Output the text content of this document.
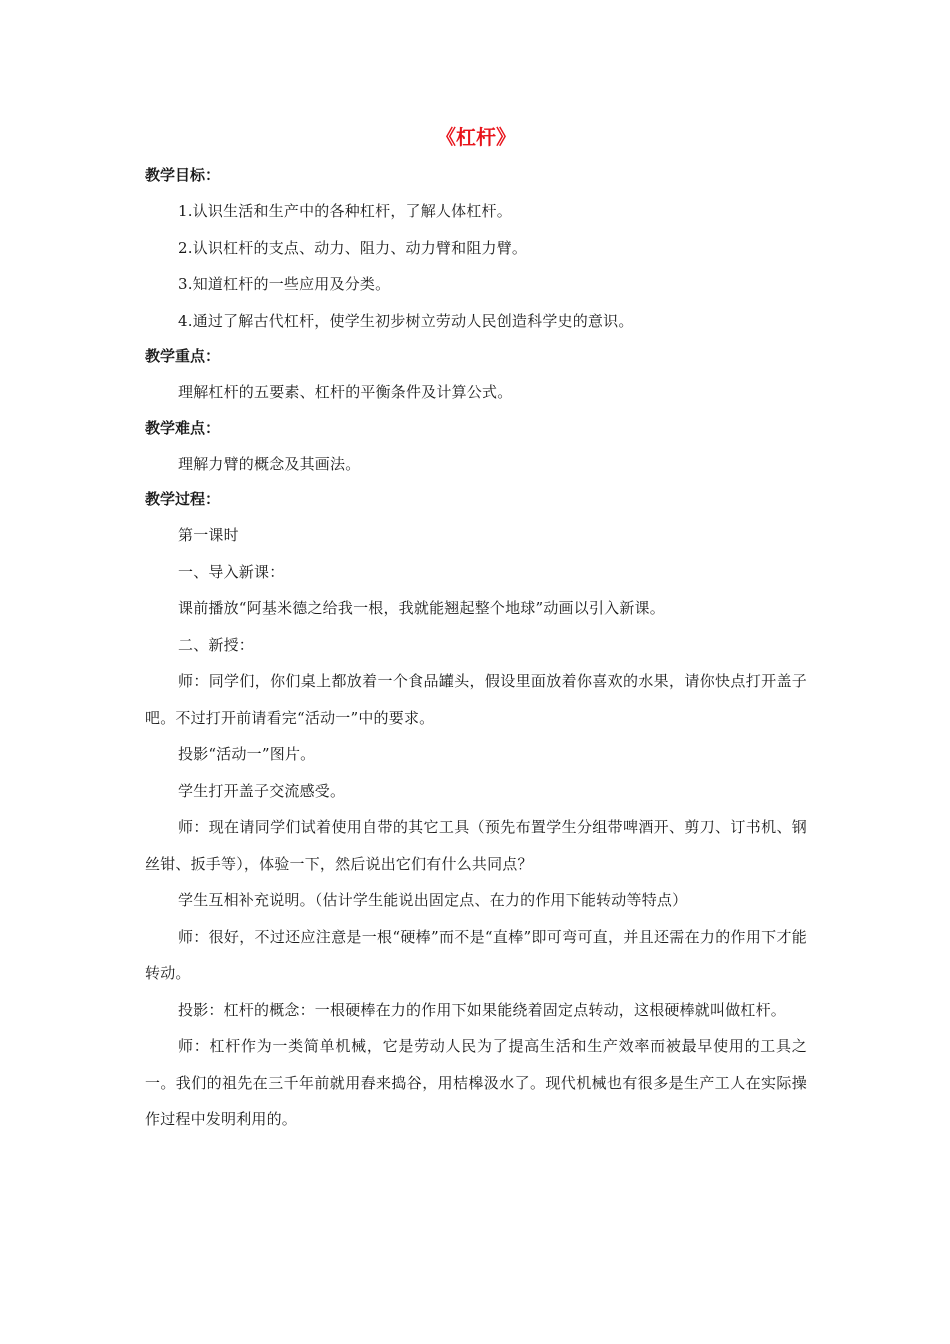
《杠杆》

教学目标：

1.认识生活和生产中的各种杠杆，了解人体杠杆。

2.认识杠杆的支点、动力、阻力、动力臂和阻力臂。

3.知道杠杆的一些应用及分类。

4.通过了解古代杠杆，使学生初步树立劳动人民创造科学史的意识。

教学重点：

理解杠杆的五要素、杠杆的平衡条件及计算公式。

教学难点：

理解力臂的概念及其画法。

教学过程：

第一课时

一、导入新课：

课前播放“阿基米德之给我一根，我就能翘起整个地球”动画以引入新课。

二、新授：

师：同学们，你们桌上都放着一个食品罐头，假设里面放着你喜欢的水果，请你快点打开盖子吧。不过打开前请看完“活动一”中的要求。

投影“活动一”图片。

学生打开盖子交流感受。

师：现在请同学们试着使用自带的其它工具（预先布置学生分组带啤酒开、剪刀、订书机、钢丝钳、扳手等），体验一下，然后说出它们有什么共同点？

学生互相补充说明。（估计学生能说出固定点、在力的作用下能转动等特点）

师：很好，不过还应注意是一根“硬棒”而不是“直棒”即可弯可直，并且还需在力的作用下才能转动。

投影：杠杆的概念：一根硬棒在力的作用下如果能绕着固定点转动，这根硬棒就叫做杠杆。

师：杠杆作为一类简单机械，它是劳动人民为了提高生活和生产效率而被最早使用的工具之一。我们的祖先在三千年前就用舂来捣谷，用桔槔汲水了。现代机械也有很多是生产工人在实际操作过程中发明利用的。
